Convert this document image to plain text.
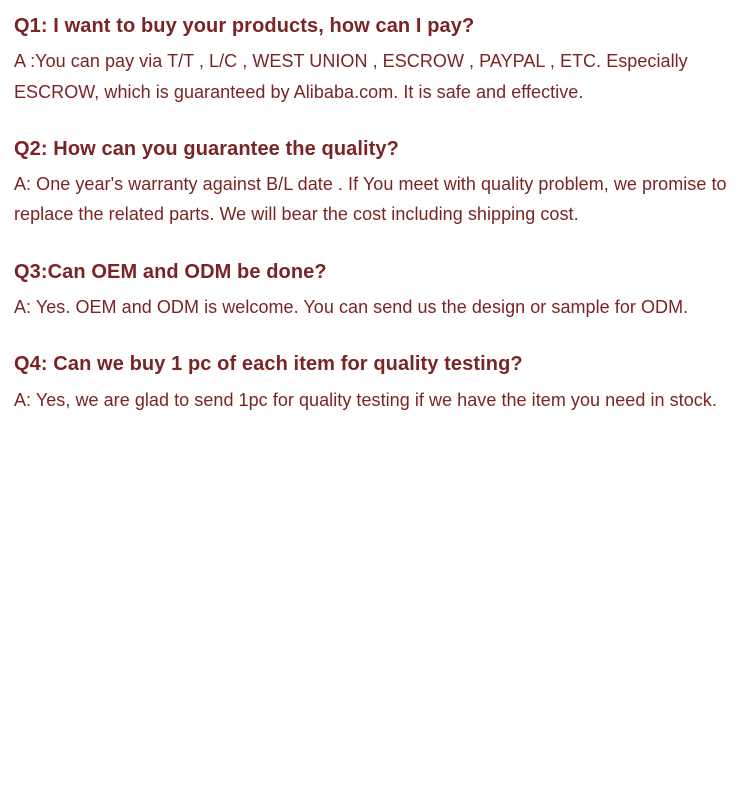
Q1: I want to buy your products, how can I pay?

A :You can pay via T/T , L/C , WEST UNION , ESCROW , PAYPAL , ETC. Especially ESCROW, which is guaranteed by Alibaba.com. It is safe and effective.

Q2: How can you guarantee the quality?

A: One year's warranty against B/L date . If You meet with quality problem, we promise to replace the related parts. We will bear the cost including shipping cost.

Q3:Can OEM and ODM be done?

A: Yes. OEM and ODM is welcome. You can send us the design or sample for ODM.

Q4: Can we buy 1 pc of each item for quality testing?

A: Yes, we are glad to send 1pc for quality testing if we have the item you need in stock.
